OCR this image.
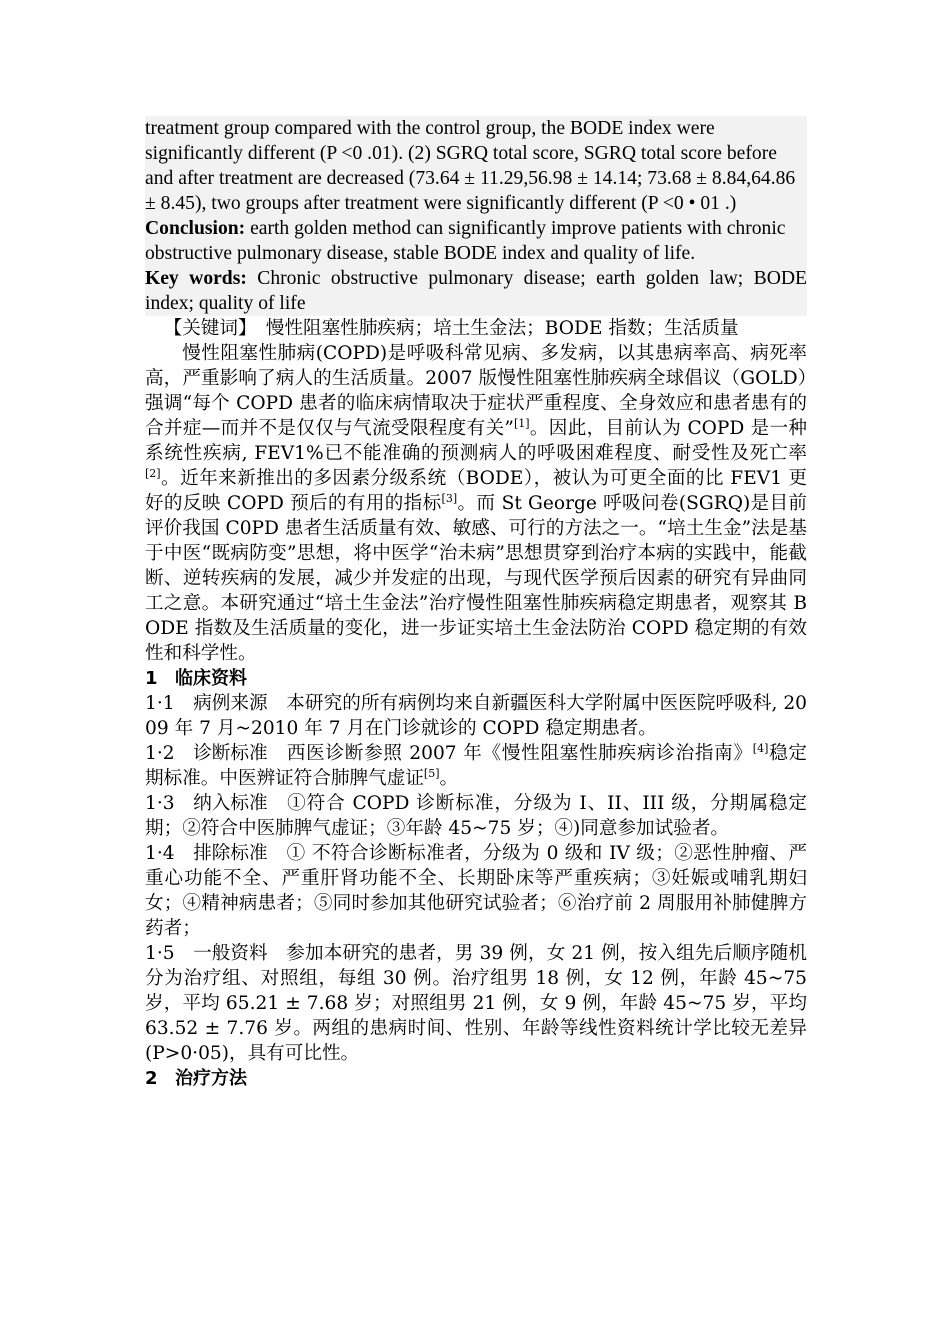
treatment group compared with the control group, the BODE index were significantly different (P <0 .01). (2) SGRQ total score, SGRQ total score before and after treatment are decreased (73.64 ± 11.29,56.98 ± 14.14; 73.68 ± 8.84,64.86 ± 8.45), two groups after treatment were significantly different (P <0 • 01 .) Conclusion: earth golden method can significantly improve patients with chronic obstructive pulmonary disease, stable BODE index and quality of life.

Key words: Chronic obstructive pulmonary disease; earth golden law; BODE index; quality of life

【关键词】　慢性阻塞性肺疾病；培土生金法；BODE 指数；生活质量

慢性阻塞性肺病(COPD)是呼吸科常见病、多发病，以其患病率高、病死率高，严重影响了病人的生活质量。2007 版慢性阻塞性肺疾病全球倡议（GOLD）强调“每个 COPD 患者的临床病情取决于症状严重程度、全身效应和患者患有的合并症—而并不是仅仅与气流受限程度有关”[1]。因此，目前认为 COPD 是一种系统性疾病, FEV1%已不能准确的预测病人的呼吸困难程度、耐受性及死亡率[2]。近年来新推出的多因素分级系统（BODE），被认为可更全面的比 FEV1 更好的反映 COPD 预后的有用的指标[3]。而 St George 呼吸问卷(SGRQ)是目前评价我国 C0PD 患者生活质量有效、敏感、可行的方法之一。“培土生金”法是基于中医“既病防变”思想，将中医学“治未病”思想贯穿到治疗本病的实践中，能截断、逆转疾病的发展，减少并发症的出现，与现代医学预后因素的研究有异曲同工之意。本研究通过“培土生金法”治疗慢性阻塞性肺疾病稳定期患者，观察其 BODE 指数及生活质量的变化，进一步证实培土生金法防治 COPD 稳定期的有效性和科学性。

1 临床资料

1·1　 病例来源 本研究的所有病例均来自新疆医科大学附属中医医院呼吸科, 2009 年 7 月~2010 年 7 月在门诊就诊的 COPD 稳定期患者。

1·2　 诊断标准 西医诊断参照 2007 年《慢性阻塞性肺疾病诊治指南》[4]稳定期标准。中医辨证符合肺脾气虚证[5]。

1·3　 纳入标准 ①符合 COPD 诊断标准，分级为 I、II、III 级，分期属稳定期；②符合中医肺脾气虚证；③年龄 45~75 岁；④)同意参加试验者。

1·4　 排除标准 ① 不符合诊断标准者，分级为 0 级和 IV 级；②恶性肿瘤、严重心功能不全、严重肝肾功能不全、长期卧床等严重疾病；③妊娠或哺乳期妇女；④精神病患者；⑤同时参加其他研究试验者；⑥治疗前 2 周服用补肺健脾方药者；

1·5　 一般资料 参加本研究的患者，男 39 例，女 21 例，按入组先后顺序随机分为治疗组、对照组，每组 30 例。治疗组男 18 例，女 12 例，年龄 45~75 岁，平均 65.21 ± 7.68 岁；对照组男 21 例，女 9 例，年龄 45~75 岁，平均 63.52 ± 7.76 岁。两组的患病时间、性别、年龄等线性资料统计学比较无差异(P>0·05)，具有可比性。

2 治疗方法
